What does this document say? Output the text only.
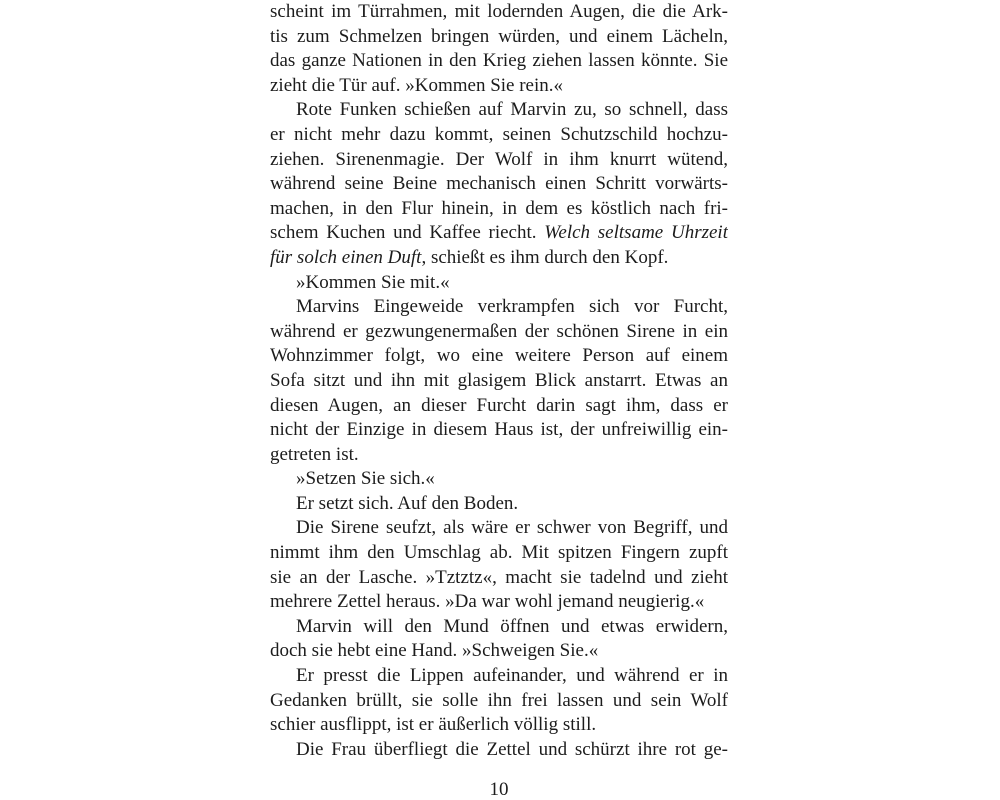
scheint im Türrahmen, mit lodernden Augen, die die Ark-
tis zum Schmelzen bringen würden, und einem Lächeln,
das ganze Nationen in den Krieg ziehen lassen könnte. Sie
zieht die Tür auf. »Kommen Sie rein.«
Rote Funken schießen auf Marvin zu, so schnell, dass
er nicht mehr dazu kommt, seinen Schutzschild hochzu-
ziehen. Sirenenmagie. Der Wolf in ihm knurrt wütend,
während seine Beine mechanisch einen Schritt vorwärts-
machen, in den Flur hinein, in dem es köstlich nach fri-
schem Kuchen und Kaffee riecht. Welch seltsame Uhrzeit
für solch einen Duft, schießt es ihm durch den Kopf.
»Kommen Sie mit.«
Marvins Eingeweide verkrampfen sich vor Furcht,
während er gezwungenermaßen der schönen Sirene in ein
Wohnzimmer folgt, wo eine weitere Person auf einem
Sofa sitzt und ihn mit glasigem Blick anstarrt. Etwas an
diesen Augen, an dieser Furcht darin sagt ihm, dass er
nicht der Einzige in diesem Haus ist, der unfreiwillig ein-
getreten ist.
»Setzen Sie sich.«
Er setzt sich. Auf den Boden.
Die Sirene seufzt, als wäre er schwer von Begriff, und
nimmt ihm den Umschlag ab. Mit spitzen Fingern zupft
sie an der Lasche. »Tztztz«, macht sie tadelnd und zieht
mehrere Zettel heraus. »Da war wohl jemand neugierig.«
Marvin will den Mund öffnen und etwas erwidern,
doch sie hebt eine Hand. »Schweigen Sie.«
Er presst die Lippen aufeinander, und während er in
Gedanken brüllt, sie solle ihn frei lassen und sein Wolf
schier ausflippt, ist er äußerlich völlig still.
Die Frau überfliegt die Zettel und schürzt ihre rot ge-
10
